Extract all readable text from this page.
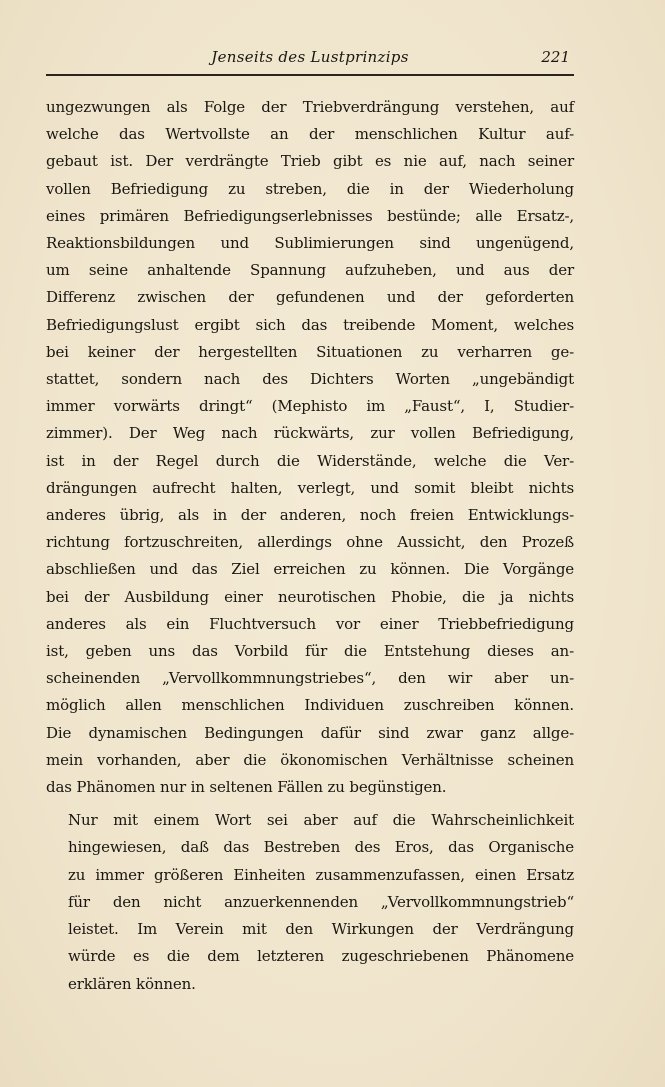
Jenseits des Lustprinzips	221

ungezwungen als Folge der Triebverdrängung verstehen, auf
welche das Wertvollste an der menschlichen Kultur auf-
gebaut ist. Der verdrängte Trieb gibt es nie auf, nach seiner
vollen Befriedigung zu streben, die in der Wiederholung
eines primären Befriedigungserlebnisses bestünde; alle Ersatz-,
Reaktionsbildungen und Sublimierungen sind ungenügend,
um seine anhaltende Spannung aufzuheben, und aus der
Differenz zwischen der gefundenen und der geforderten
Befriedigungslust ergibt sich das treibende Moment, welches
bei keiner der hergestellten Situationen zu verharren ge-
stattet, sondern nach des Dichters Worten „ungebändigt
immer vorwärts dringt“ (Mephisto im „Faust“, I, Studier-
zimmer). Der Weg nach rückwärts, zur vollen Befriedigung,
ist in der Regel durch die Widerstände, welche die Ver-
drängungen aufrecht halten, verlegt, und somit bleibt nichts
anderes übrig, als in der anderen, noch freien Entwicklungs-
richtung fortzuschreiten, allerdings ohne Aussicht, den Prozeß
abschließen und das Ziel erreichen zu können. Die Vorgänge
bei der Ausbildung einer neurotischen Phobie, die ja nichts
anderes als ein Fluchtversuch vor einer Triebbefriedigung
ist, geben uns das Vorbild für die Entstehung dieses an-
scheinenden „Vervollkommnungstriebes“, den wir aber un-
möglich allen menschlichen Individuen zuschreiben können.
Die dynamischen Bedingungen dafür sind zwar ganz allge-
mein vorhanden, aber die ökonomischen Verhältnisse scheinen
das Phänomen nur in seltenen Fällen zu begünstigen.

Nur mit einem Wort sei aber auf die Wahrscheinlichkeit
hingewiesen, daß das Bestreben des Eros, das Organische
zu immer größeren Einheiten zusammenzufassen, einen Ersatz
für den nicht anzuerkennenden „Vervollkommnungstrieb“
leistet. Im Verein mit den Wirkungen der Verdrängung
würde es die dem letzteren zugeschriebenen Phänomene
erklären können.
